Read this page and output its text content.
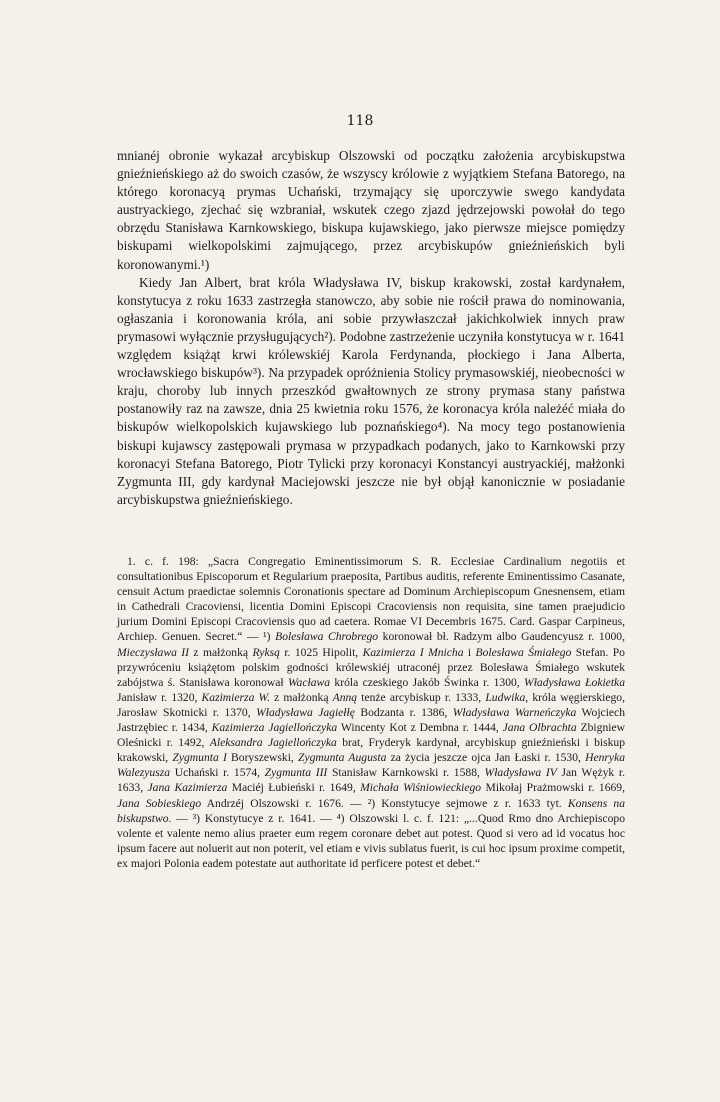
118

mnianéj obronie wykazał arcybiskup Olszowski od początku założenia arcybiskupstwa gnieźnieńskiego aż do swoich czasów, że wszyscy królowie z wyjątkiem Stefana Batorego, na którego koronacyą prymas Uchański, trzymający się uporczywie swego kandydata austryackiego, zjechać się wzbraniał, wskutek czego zjazd jędrzejowski powołał do tego obrzędu Stanisława Karnkowskiego, biskupa kujawskiego, jako pierwsze miejsce pomiędzy biskupami wielkopolskimi zajmującego, przez arcybiskupów gnieźnieńskich byli koronowanymi.¹)

Kiedy Jan Albert, brat króla Władysława IV, biskup krakowski, został kardynałem, konstytucya z roku 1633 zastrzegła stanowczo, aby sobie nie rościł prawa do nominowania, ogłaszania i koronowania króla, ani sobie przywłaszczał jakichkolwiek innych praw prymasowi wyłącznie przysługujących²). Podobne zastrzeżenie uczyniła konstytucya w r. 1641 względem książąt krwi królewskiéj Karola Ferdynanda, płockiego i Jana Alberta, wrocławskiego biskupów³). Na przypadek opróżnienia Stolicy prymasowskiéj, nieobecności w kraju, choroby lub innych przeszkód gwałtownych ze strony prymasa stany państwa postanowiły raz na zawsze, dnia 25 kwietnia roku 1576, że koronacya króla należéć miała do biskupów wielkopolskich kujawskiego lub poznańskiego⁴). Na mocy tego postanowienia biskupi kujawscy zastępowali prymasa w przypadkach podanych, jako to Karnkowski przy koronacyi Stefana Batorego, Piotr Tylicki przy koronacyi Konstancyi austryackiéj, małżonki Zygmunta III, gdy kardynał Maciejowski jeszcze nie był objął kanonicznie w posiadanie arcybiskupstwa gnieźnieńskiego.

1. c. f. 198: „Sacra Congregatio Eminentissimorum S. R. Ecclesiae Cardinalium negotiis et consultationibus Episcoporum et Regularium praeposita, Partibus auditis, referente Eminentissimo Casanate, censuit Actum praedictae solemnis Coronationis spectare ad Dominum Archiepiscopum Gnesnensem, etiam in Cathedrali Cracoviensi, licentia Domini Episcopi Cracoviensis non requisita, sine tamen praejudicio jurium Domini Episcopi Cracoviensis quo ad caetera. Romae VI Decembris 1675. Card. Gaspar Carpineus, Archiep. Genuen. Secret.“ — ¹) Bolesława Chrobrego koronował bł. Radzym albo Gaudencyusz r. 1000, Mieczysława II z małżonką Ryksą r. 1025 Hipolit, Kazimierza I Mnicha i Bolesława Śmiałego Stefan. Po przywróceniu książętom polskim godności królewskiéj utraconéj przez Bolesława Śmiałego wskutek zabójstwa ś. Stanisława koronował Wacława króla czeskiego Jakób Świnka r. 1300, Władysława Łokietka Janisław r. 1320, Kazimierza W. z małżonką Anną tenże arcybiskup r. 1333, Ludwika, króla węgierskiego, Jarosław Skotnicki r. 1370, Władysława Jagiełłę Bodzanta r. 1386, Władysława Warneńczyka Wojciech Jastrzębiec r. 1434, Kazimierza Jagiellończyka Wincenty Kot z Dembna r. 1444, Jana Olbrachta Zbigniew Oleśnicki r. 1492, Aleksandra Jagiellończyka brat, Fryderyk kardynał, arcybiskup gnieźnieński i biskup krakowski, Zygmunta I Boryszewski, Zygmunta Augusta za życia jeszcze ojca Jan Łaski r. 1530, Henryka Walezyusza Uchański r. 1574, Zygmunta III Stanisław Karnkowski r. 1588, Władysława IV Jan Wężyk r. 1633, Jana Kazimierza Maciéj Łubieński r. 1649, Michała Wiśniowieckiego Mikołaj Prażmowski r. 1669, Jana Sobieskiego Andrzéj Olszowski r. 1676. — ²) Konstytucye sejmowe z r. 1633 tyt. Konsens na biskupstwo. — ³) Konstytucye z r. 1641. — ⁴) Olszowski l. c. f. 121: „...Quod Rmo dno Archiepiscopo volente et valente nemo alius praeter eum regem coronare debet aut potest. Quod si vero ad id vocatus hoc ipsum facere aut noluerit aut non poterit, vel etiam e vivis sublatus fuerit, is cui hoc ipsum proxime competit, ex majori Polonia eadem potestate aut authoritate id perficere potest et debet.“
